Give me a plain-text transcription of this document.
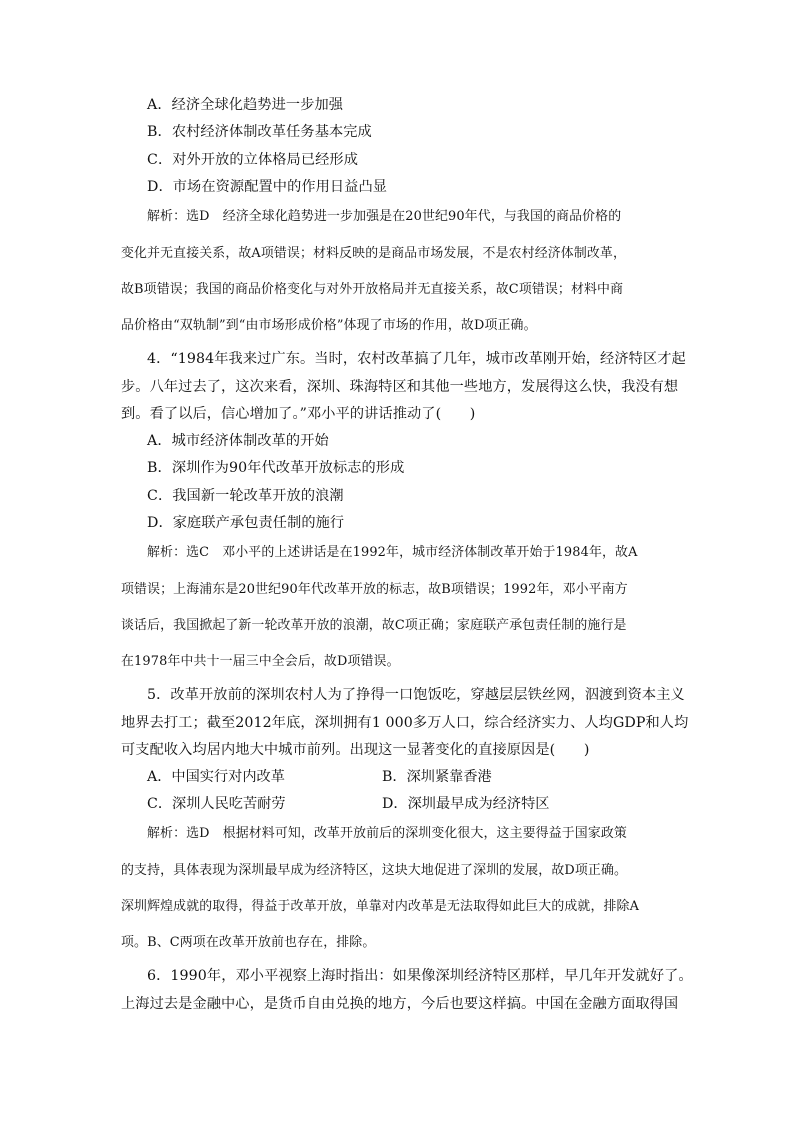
A．经济全球化趋势进一步加强
B．农村经济体制改革任务基本完成
C．对外开放的立体格局已经形成
D．市场在资源配置中的作用日益凸显
解析：选D　经济全球化趋势进一步加强是在20世纪90年代，与我国的商品价格的
变化并无直接关系，故A项错误；材料反映的是商品市场发展，不是农村经济体制改革，
故B项错误；我国的商品价格变化与对外开放格局并无直接关系，故C项错误；材料中商
品价格由“双轨制”到“由市场形成价格”体现了市场的作用，故D项正确。
4．“1984年我来过广东。当时，农村改革搞了几年，城市改革刚开始，经济特区才起
步。八年过去了，这次来看，深圳、珠海特区和其他一些地方，发展得这么快，我没有想
到。看了以后，信心增加了。”邓小平的讲话推动了(　　)
A．城市经济体制改革的开始
B．深圳作为90年代改革开放标志的形成
C．我国新一轮改革开放的浪潮
D．家庭联产承包责任制的施行
解析：选C　邓小平的上述讲话是在1992年，城市经济体制改革开始于1984年，故A
项错误；上海浦东是20世纪90年代改革开放的标志，故B项错误；1992年，邓小平南方
谈话后，我国掀起了新一轮改革开放的浪潮，故C项正确；家庭联产承包责任制的施行是
在1978年中共十一届三中全会后，故D项错误。
5．改革开放前的深圳农村人为了挣得一口饱饭吃，穿越层层铁丝网，泅渡到资本主义
地界去打工；截至2012年底，深圳拥有1 000多万人口，综合经济实力、人均GDP和人均
可支配收入均居内地大中城市前列。出现这一显著变化的直接原因是(　　)
A．中国实行对内改革	B．深圳紧靠香港
C．深圳人民吃苦耐劳	D．深圳最早成为经济特区
解析：选D　根据材料可知，改革开放前后的深圳变化很大，这主要得益于国家政策
的支持，具体表现为深圳最早成为经济特区，这块大地促进了深圳的发展，故D项正确。
深圳辉煌成就的取得，得益于改革开放，单靠对内改革是无法取得如此巨大的成就，排除A
项。B、C两项在改革开放前也存在，排除。
6．1990年，邓小平视察上海时指出：如果像深圳经济特区那样，早几年开发就好了。
上海过去是金融中心，是货币自由兑换的地方，今后也要这样搞。中国在金融方面取得国
